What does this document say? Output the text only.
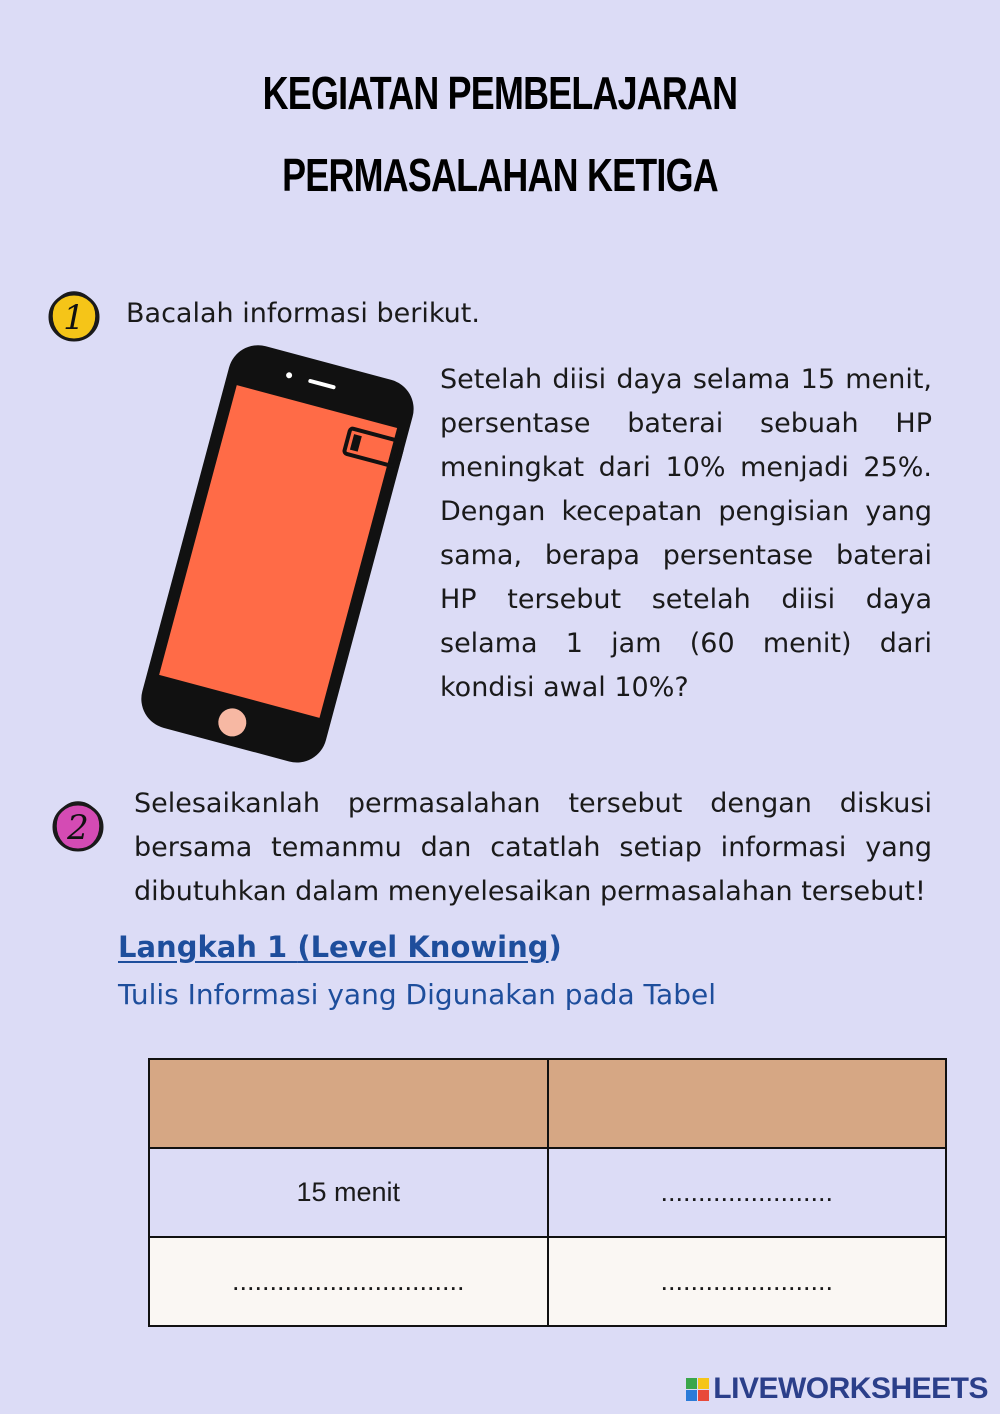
KEGIATAN PEMBELAJARAN
PERMASALAHAN KETIGA
1 Bacalah informasi berikut.
Setelah diisi daya selama 15 menit, persentase baterai sebuah HP meningkat dari 10% menjadi 25%. Dengan kecepatan pengisian yang sama, berapa persentase baterai HP tersebut setelah diisi daya selama 1 jam (60 menit) dari kondisi awal 10%?
2
Selesaikanlah permasalahan tersebut dengan diskusi bersama temanmu dan catatlah setiap informasi yang dibutuhkan dalam menyelesaikan permasalahan tersebut!
Langkah 1 (Level Knowing)
Tulis Informasi yang Digunakan pada Tabel

15 menit	.......................
...............................	.......................
LIVEWORKSHEETS
